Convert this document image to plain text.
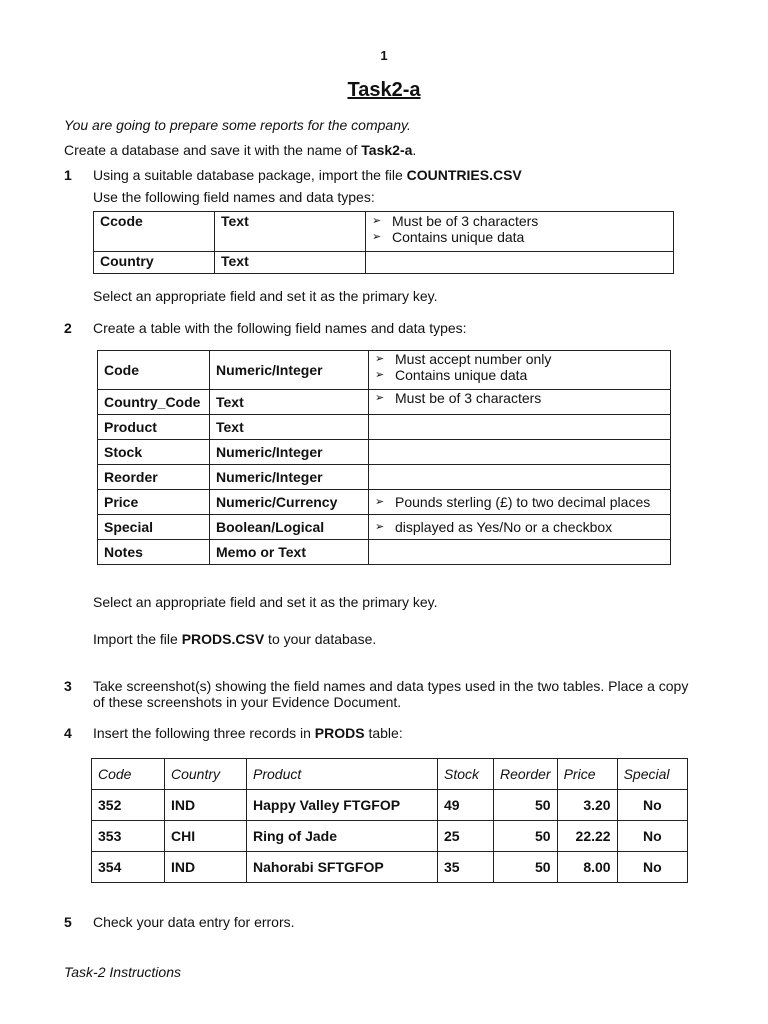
1
Task2-a
You are going to prepare some reports for the company.
Create a database and save it with the name of Task2-a.
1 Using a suitable database package, import the file COUNTRIES.CSV
Use the following field names and data types:
Ccode	Text	➢ Must be of 3 characters
➢ Contains unique data

Country	Text	
Select an appropriate field and set it as the primary key.
2 Create a table with the following field names and data types:
Code	Numeric/Integer	➢ Must accept number only
➢ Contains unique data

Country_Code	Text	➢ Must be of 3 characters

Product	Text	
Stock	Numeric/Integer	
Reorder	Numeric/Integer	
Price	Numeric/Currency	➢ Pounds sterling (£) to two decimal places

Special	Boolean/Logical	➢ displayed as Yes/No or a checkbox

Notes	Memo or Text	
Select an appropriate field and set it as the primary key.
Import the file PRODS.CSV to your database.
3 Take screenshot(s) showing the field names and data types used in the two tables. Place a copy
of these screenshots in your Evidence Document.
4 Insert the following three records in PRODS table:
Code	Country	Product	Stock	Reorder	Price	Special
352	IND	Happy Valley FTGFOP	49	50	3.20	No
353	CHI	Ring of Jade	25	50	22.22	No
354	IND	Nahorabi SFTGFOP	35	50	8.00	No
5 Check your data entry for errors.
Task-2 Instructions
